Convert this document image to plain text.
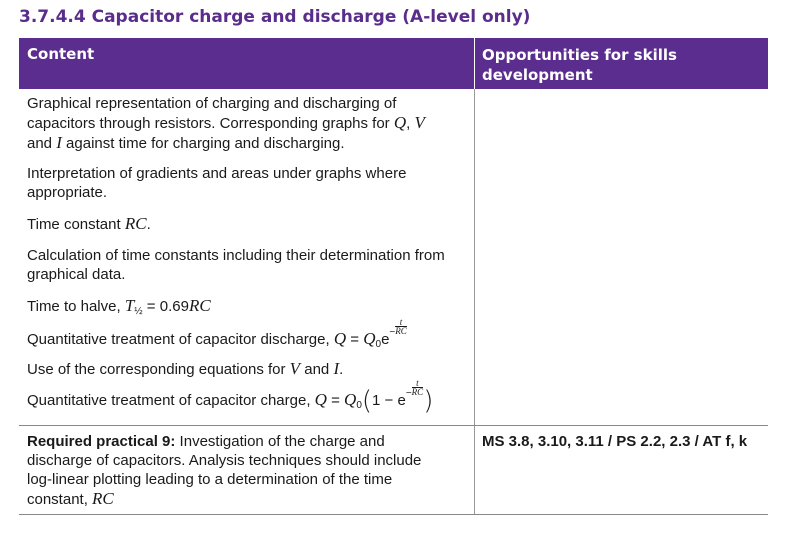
3.7.4.4 Capacitor charge and discharge (A-level only)
Content	Opportunities for skills development
Graphical representation of charging and discharging of
capacitors through resistors. Corresponding graphs for Q, V
and I against time for charging and discharging.
Interpretation of gradients and areas under graphs where appropriate.
Time constant RC.
Calculation of time constants including their determination from graphical data.
Time to halve, $T_{\frac{1}{2}} = 0.69RC$
Quantitative treatment of capacitor discharge, $Q = Q_0e^- \frac{t}{RC}$
Use of the corresponding equations for V and I.
Quantitative treatment of capacitor charge, $Q = Q_0(1 - e^- \frac{t}{RC}$ )
Required practical 9: Investigation of the charge and
discharge of capacitors. Analysis techniques should include
log-linear plotting leading to a determination of the time
constant, RC
MS 3.8, 3.10, 3.11 / PS 2.2, 2.3 / AT f, k
